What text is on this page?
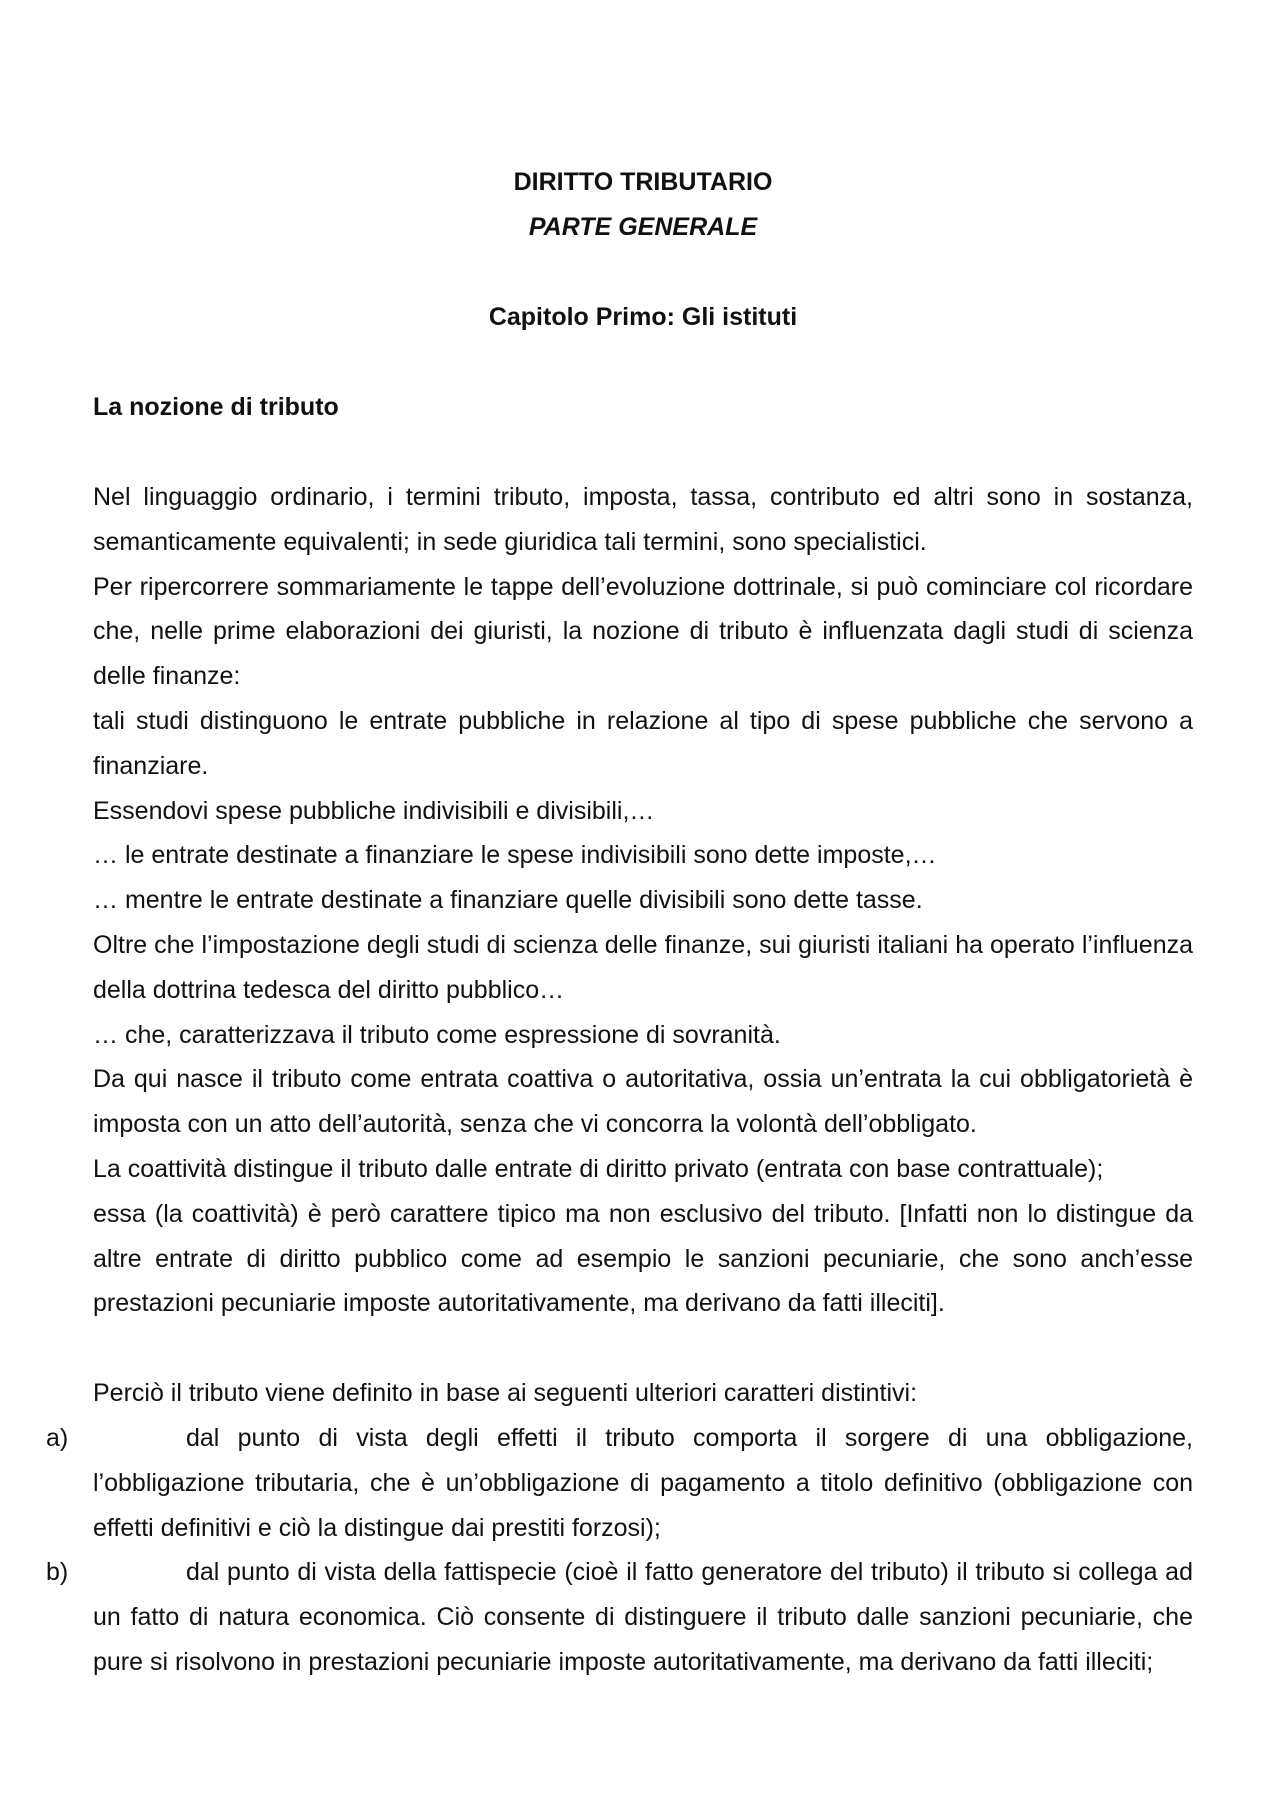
DIRITTO TRIBUTARIO
PARTE GENERALE
Capitolo Primo: Gli istituti
La nozione di tributo

Nel linguaggio ordinario, i termini tributo, imposta, tassa, contributo ed altri sono in sostanza, semanticamente equivalenti; in sede giuridica tali termini, sono specialistici.

Per ripercorrere sommariamente le tappe dell’evoluzione dottrinale, si può cominciare col ricordare che, nelle prime elaborazioni dei giuristi, la nozione di tributo è influenzata dagli studi di scienza delle finanze:

tali studi distinguono le entrate pubbliche in relazione al tipo di spese pubbliche che servono a finanziare.

Essendovi spese pubbliche indivisibili e divisibili,…

… le entrate destinate a finanziare le spese indivisibili sono dette imposte,…

… mentre le entrate destinate a finanziare quelle divisibili sono dette tasse.

Oltre che l’impostazione degli studi di scienza delle finanze, sui giuristi italiani ha operato l’influenza della dottrina tedesca del diritto pubblico…

… che, caratterizzava il tributo come espressione di sovranità.

Da qui nasce il tributo come entrata coattiva o autoritativa, ossia un’entrata la cui obbligatorietà è imposta con un atto dell’autorità, senza che vi concorra la volontà dell’obbligato.

La coattività distingue il tributo dalle entrate di diritto privato (entrata con base contrattuale);

essa (la coattività) è però carattere tipico ma non esclusivo del tributo. [Infatti non lo distingue da altre entrate di diritto pubblico come ad esempio le sanzioni pecuniarie, che sono anch’esse prestazioni pecuniarie imposte autoritativamente, ma derivano da fatti illeciti].

Perciò il tributo viene definito in base ai seguenti ulteriori caratteri distintivi:

a)	dal punto di vista degli effetti il tributo comporta il sorgere di una obbligazione, l’obbligazione tributaria, che è un’obbligazione di pagamento a titolo definitivo (obbligazione con effetti definitivi e ciò la distingue dai prestiti forzosi);
b)	dal punto di vista della fattispecie (cioè il fatto generatore del tributo) il tributo si collega ad un fatto di natura economica. Ciò consente di distinguere il tributo dalle sanzioni pecuniarie, che pure si risolvono in prestazioni pecuniarie imposte autoritativamente, ma derivano da fatti illeciti;
